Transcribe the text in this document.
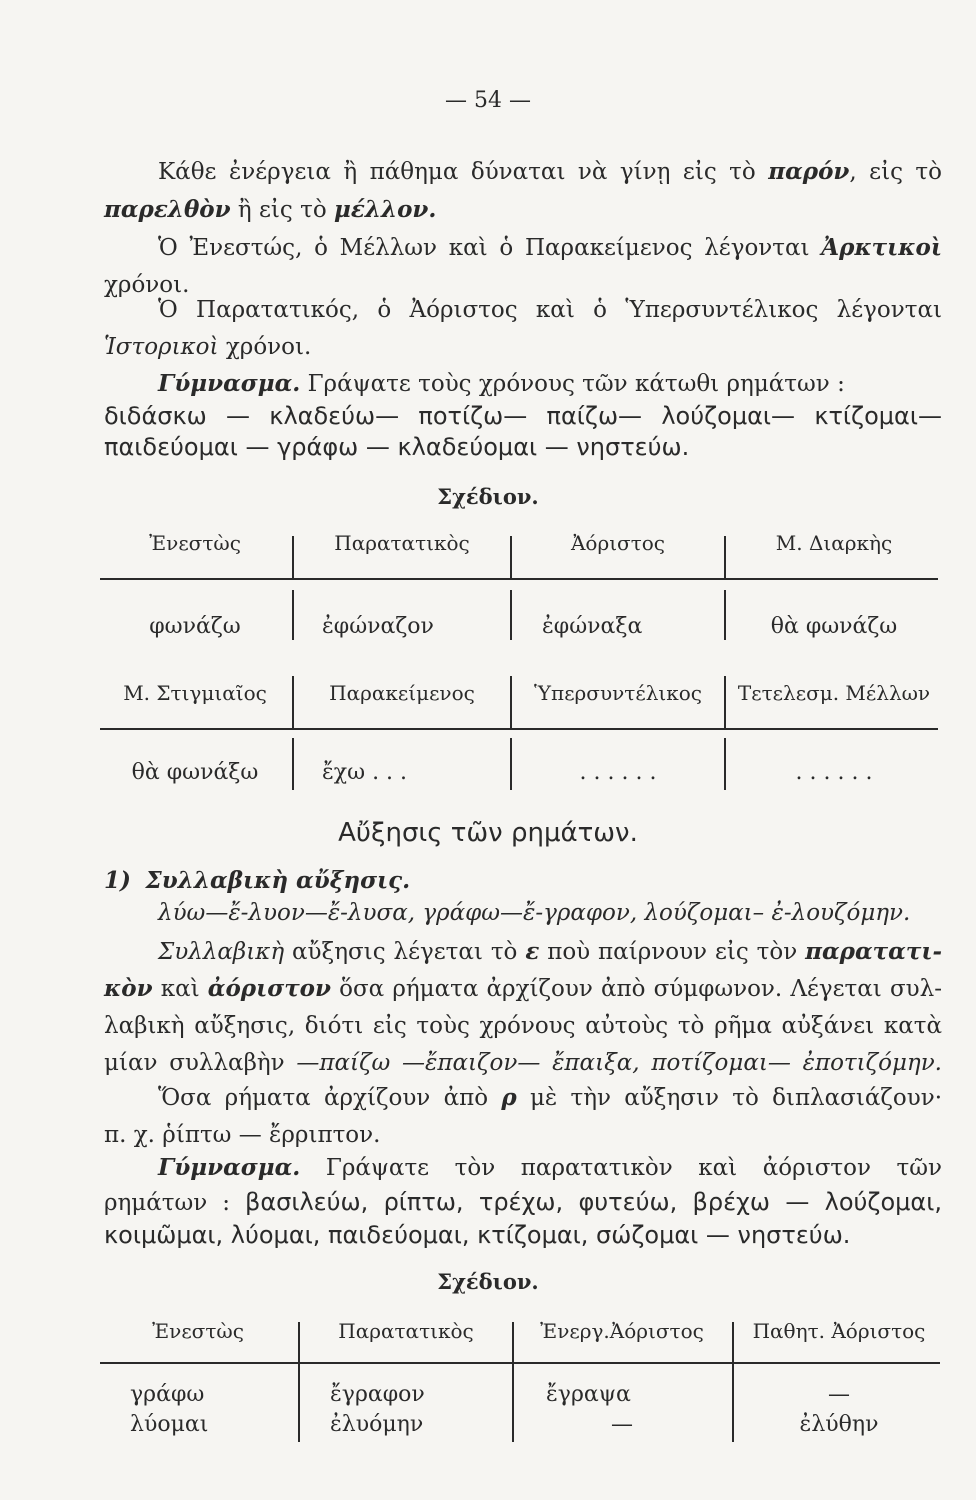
— 54 —
Κάθε ἐνέργεια ἢ πάθημα δύναται νὰ γίνῃ εἰς τὸ παρόν, εἰς τὸ
παρελθὸν ἢ εἰς τὸ μέλλον.
Ὁ Ἐνεστώς, ὁ Μέλλων καὶ ὁ Παρακείμενος λέγονται Ἀρκτικοὶ
χρόνοι.
Ὁ Παρατατικός, ὁ Ἀόριστος καὶ ὁ Ὑπερσυντέλικος λέγονται
Ἱστορικοὶ χρόνοι.
Γύμνασμα. Γράψατε τοὺς χρόνους τῶν κάτωθι ρημάτων :
διδάσκω — κλαδεύω— ποτίζω— παίζω— λούζομαι— κτίζομαι—
παιδεύομαι — γράφω — κλαδεύομαι — νηστεύω.
Σχέδιον.
Ἐνεστὼς	Παρατατικὸς	Ἀόριστος	Μ. Διαρκὴς
φωνάζω	ἐφώναζον	ἐφώναξα	θὰ φωνάζω
Μ. Στιγμιαῖος	Παρακείμενος	Ὑπερσυντέλικος	Τετελεσμ. Μέλλων
θὰ φωνάξω	ἔχω . . .	. . . . . .	. . . . . .
Αὔξησις τῶν ρημάτων.
1) Συλλαβικὴ αὔξησις.
λύω—ἔ-λυον—ἔ-λυσα, γράφω—ἔ-γραφον, λούζομαι– ἐ-λουζόμην.
Συλλαβικὴ αὔξησις λέγεται τὸ ε ποὺ παίρνουν εἰς τὸν παρατατι-
κὸν καὶ ἀόριστον ὅσα ρήματα ἀρχίζουν ἀπὸ σύμφωνον. Λέγεται συλ-
λαβικὴ αὔξησις, διότι εἰς τοὺς χρόνους αὐτοὺς τὸ ρῆμα αὐξάνει κατὰ
μίαν συλλαβὴν —παίζω —ἔπαιζον— ἔπαιξα, ποτίζομαι— ἐποτιζόμην.
Ὅσα ρήματα ἀρχίζουν ἀπὸ ρ μὲ τὴν αὔξησιν τὸ διπλασιάζουν·
π. χ. ῥίπτω — ἔρριπτον.
Γύμνασμα. Γράψατε τὸν παρατατικὸν καὶ ἀόριστον τῶν
ρημάτων : βασιλεύω, ρίπτω, τρέχω, φυτεύω, βρέχω — λούζομαι,
κοιμῶμαι, λύομαι, παιδεύομαι, κτίζομαι, σώζομαι — νηστεύω.
Σχέδιον.
Ἐνεστὼς	Παρατατικὸς	Ἐνεργ.Ἀόριστος	Παθητ. Ἀόριστος
γράφω	ἔγραφον	ἔγραψα	—
λύομαι	ἐλυόμην	—	ἐλύθην
